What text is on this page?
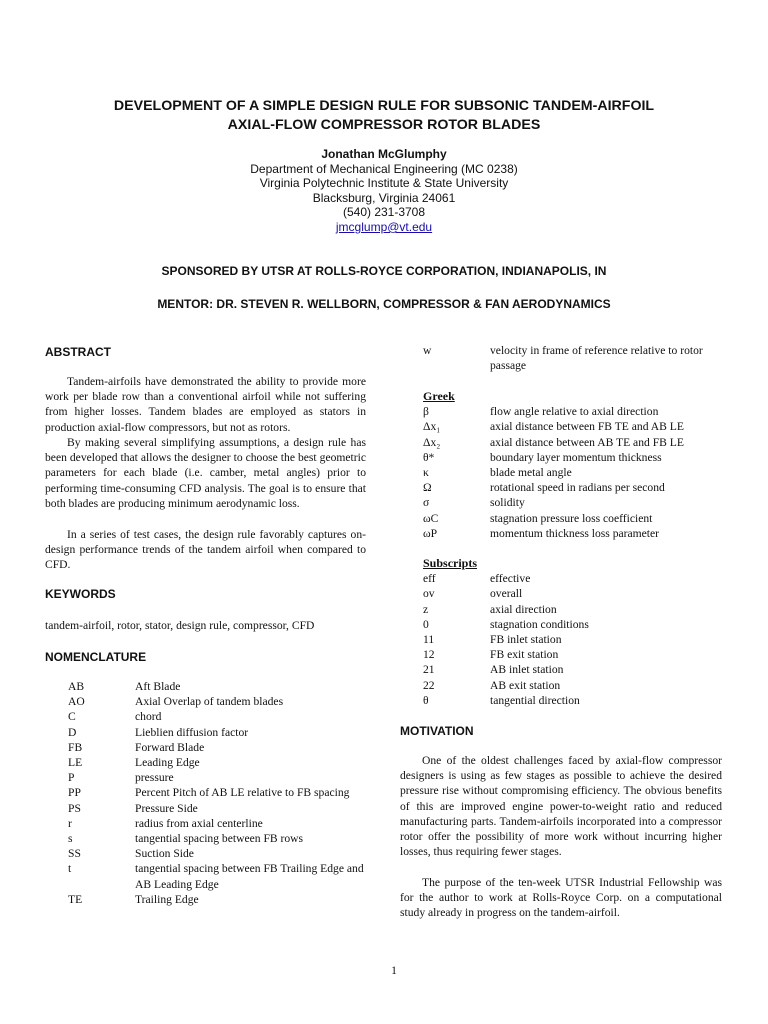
DEVELOPMENT OF A SIMPLE DESIGN RULE FOR SUBSONIC TANDEM-AIRFOIL
AXIAL-FLOW COMPRESSOR ROTOR BLADES
Jonathan McGlumphy
Department of Mechanical Engineering (MC 0238)
Virginia Polytechnic Institute & State University
Blacksburg, Virginia 24061
(540) 231-3708
jmcglump@vt.edu
SPONSORED BY UTSR AT ROLLS-ROYCE CORPORATION, INDIANAPOLIS, IN
MENTOR: DR. STEVEN R. WELLBORN, COMPRESSOR & FAN AERODYNAMICS
ABSTRACT

Tandem-airfoils have demonstrated the ability to provide more work per blade row than a conventional airfoil while not suffering from higher losses. Tandem blades are employed as stators in production axial-flow compressors, but not as rotors.

By making several simplifying assumptions, a design rule has been developed that allows the designer to choose the best geometric parameters for each blade (i.e. camber, metal angles) prior to performing time-consuming CFD analysis. The goal is to ensure that both blades are producing minimum aerodynamic loss.

In a series of test cases, the design rule favorably captures on-design performance trends of the tandem airfoil when compared to CFD.

KEYWORDS

tandem-airfoil, rotor, stator, design rule, compressor, CFD

NOMENCLATURE
AB	Aft Blade
AO	Axial Overlap of tandem blades
C	chord
D	Lieblien diffusion factor
FB	Forward Blade
LE	Leading Edge
P	pressure
PP	Percent Pitch of AB LE relative to FB spacing
PS	Pressure Side
r	radius from axial centerline
s	tangential spacing between FB rows
SS	Suction Side
t	tangential spacing between FB Trailing Edge and AB Leading Edge
TE	Trailing Edge
w	velocity in frame of reference relative to rotor passage
Greek
β	flow angle relative to axial direction
Δx₁	axial distance between FB TE and AB LE
Δx₂	axial distance between AB TE and FB LE
θ*	boundary layer momentum thickness
κ	blade metal angle
Ω	rotational speed in radians per second
σ	solidity
ωC	stagnation pressure loss coefficient
ωP	momentum thickness loss parameter
Subscripts
eff	effective
ov	overall
z	axial direction
0	stagnation conditions
11	FB inlet station
12	FB exit station
21	AB inlet station
22	AB exit station
θ	tangential direction
MOTIVATION

One of the oldest challenges faced by axial-flow compressor designers is using as few stages as possible to achieve the desired pressure rise without compromising efficiency. The obvious benefits of this are improved engine power-to-weight ratio and reduced manufacturing parts. Tandem-airfoils incorporated into a compressor rotor offer the possibility of more work without incurring higher losses, thus requiring fewer stages.

The purpose of the ten-week UTSR Industrial Fellowship was for the author to work at Rolls-Royce Corp. on a computational study already in progress on the tandem-airfoil.

1
